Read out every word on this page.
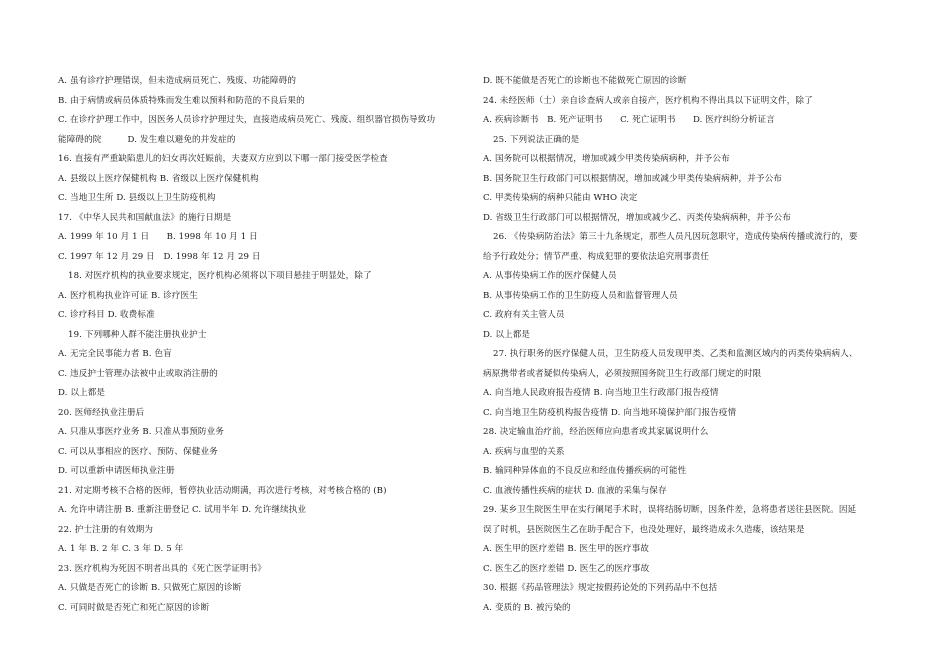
A. 虽有诊疗护理错误，但未造成病员死亡、残废、功能障碍的
B. 由于病情或病员体质特殊而发生难以预料和防范的不良后果的
C. 在诊疗护理工作中，因医务人员诊疗护理过失，直接造成病员死亡、残废、组织器官损伤导致功
能障碍的院　　　D. 发生难以避免的并发症的
16. 直接有严重缺陷患儿的妇女再次妊娠前，夫妻双方应到以下哪一部门接受医学检查
A. 县级以上医疗保健机构 B. 省级以上医疗保健机构
C. 当地卫生所 D. 县级以上卫生防疫机构
17. 《中华人民共和国献血法》的施行日期是
A. 1999 年 10 月 1 日　　B. 1998 年 10 月 1 日
C. 1997 年 12 月 29 日　D. 1998 年 12 月 29 日
18. 对医疗机构的执业要求规定，医疗机构必须将以下项目悬挂于明显处，除了
A. 医疗机构执业许可证 B. 诊疗医生
C. 诊疗科目 D. 收费标准
19. 下列哪种人群不能注册执业护士
A. 无完全民事能力者 B. 色盲
C. 违反护士管理办法被中止或取消注册的
D. 以上都是
20. 医师经执业注册后
A. 只准从事医疗业务 B. 只准从事预防业务
C. 可以从事相应的医疗、预防、保健业务
D. 可以重新申请医师执业注册
21. 对定期考核不合格的医师，暂停执业活动期满，再次进行考核，对考核合格的 (B)
A. 允许申请注册 B. 重新注册登记 C. 试用半年 D. 允许继续执业
22. 护士注册的有效期为
A. 1 年 B. 2 年 C. 3 年 D. 5 年
23. 医疗机构为死因不明者出具的《死亡医学证明书》
A. 只做是否死亡的诊断 B. 只做死亡原因的诊断
C. 可同时做是否死亡和死亡原因的诊断
D. 既不能做是否死亡的诊断也不能做死亡原因的诊断
24. 未经医师（士）亲自诊查病人或亲自接产，医疗机构不得出具以下证明文件，除了
A. 疾病诊断书　B. 死产证明书　　C. 死亡证明书　　D. 医疗纠纷分析证言
25. 下列说法正确的是
A. 国务院可以根据情况，增加或减少甲类传染病病种，并予公布
B. 国务院卫生行政部门可以根据情况，增加或减少甲类传染病病种，并予公布
C. 甲类传染病的病种只能由 WHO 决定
D. 省级卫生行政部门可以根据情况，增加或减少乙、丙类传染病病种，并予公布
26. 《传染病防治法》第三十九条规定，那些人员凡因玩忽职守，造成传染病传播或流行的，要
给予行政处分；情节严重、构成犯罪的要依法追究刑事责任
A. 从事传染病工作的医疗保健人员
B. 从事传染病工作的卫生防疫人员和监督管理人员
C. 政府有关主管人员
D. 以上都是
27. 执行职务的医疗保健人员，卫生防疫人员发现甲类、乙类和监测区域内的丙类传染病病人、
病原携带者或者疑似传染病人，必须按照国务院卫生行政部门规定的时限
A. 向当地人民政府报告疫情 B. 向当地卫生行政部门报告疫情
C. 向当地卫生防疫机构报告疫情 D. 向当地环境保护部门报告疫情
28. 决定输血治疗前，经治医师应向患者或其家属说明什么
A. 疾病与血型的关系
B. 输同种异体血的不良反应和经血传播疾病的可能性
C. 血液传播性疾病的症状 D. 血液的采集与保存
29. 某乡卫生院医生甲在实行阑尾手术时，误将结肠切断，因条件差，急将患者送往县医院。因延
误了时机，县医院医生乙在助手配合下，也没处理好，最终造成永久造瘘，该结果是
A. 医生甲的医疗差错 B. 医生甲的医疗事故
C. 医生乙的医疗差错 D. 医生乙的医疗事故
30. 根据《药品管理法》规定按假药论处的下列药品中不包括
A. 变质的 B. 被污染的
